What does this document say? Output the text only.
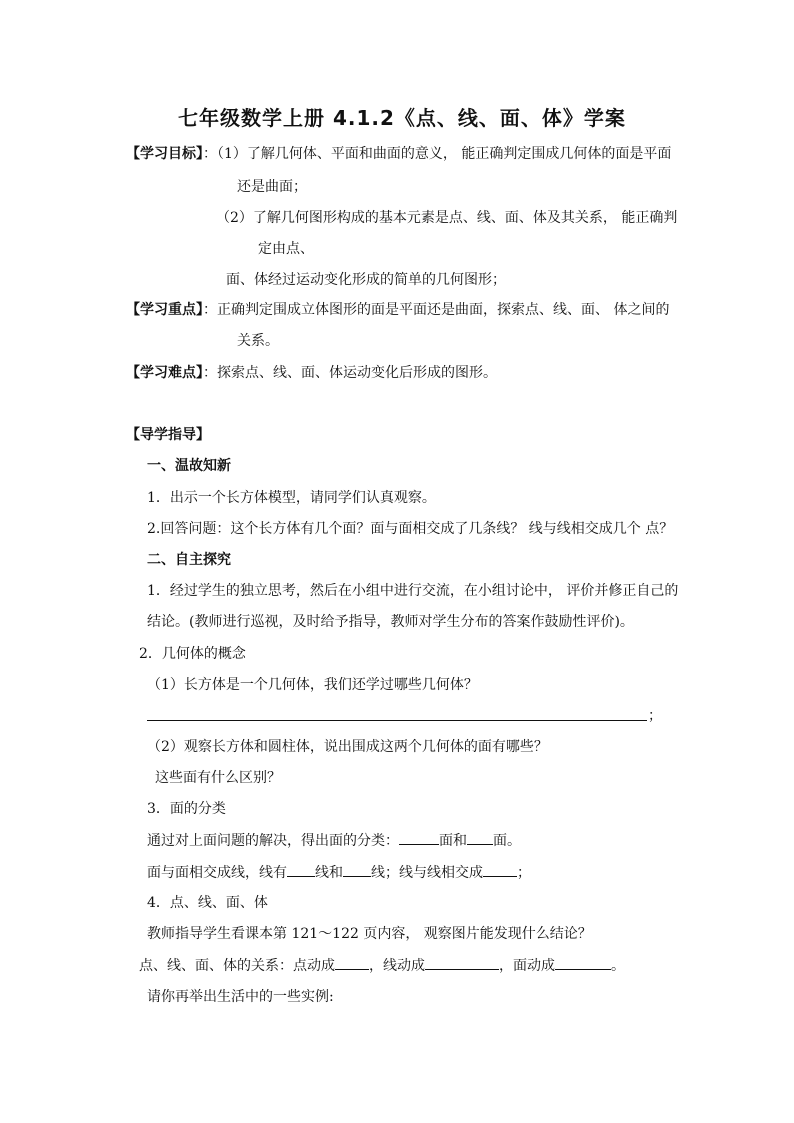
七年级数学上册 4.1.2《点、线、面、体》学案
【学习目标】：（1）了解几何体、平面和曲面的意义， 能正确判定围成几何体的面是平面
还是曲面；
（2）了解几何图形构成的基本元素是点、线、面、体及其关系， 能正确判
定由点、
面、体经过运动变化形成的简单的几何图形；
【学习重点】：正确判定围成立体图形的面是平面还是曲面，探索点、线、面、 体之间的
关系。
【学习难点】：探索点、线、面、体运动变化后形成的图形。
【导学指导】
一、温故知新
1．出示一个长方体模型，请同学们认真观察。
2.回答问题：这个长方体有几个面？面与面相交成了几条线？ 线与线相交成几个 点？
二、自主探究
1．经过学生的独立思考，然后在小组中进行交流，在小组讨论中， 评价并修正自己的
结论。(教师进行巡视，及时给予指导，教师对学生分布的答案作鼓励性评价)。
2．几何体的概念
（1）长方体是一个几何体，我们还学过哪些几何体？
；
（2）观察长方体和圆柱体，说出围成这两个几何体的面有哪些？
这些面有什么区别？
3．面的分类
通过对上面问题的解决，得出面的分类：	面和 面。
面与面相交成线，线有 线和 线；线与线相交成 ；
4．点、线、面、体
教师指导学生看课本第 121～122 页内容， 观察图片能发现什么结论？
点、线、面、体的关系：点动成 ，线动成	，面动成	。
请你再举出生活中的一些实例:
